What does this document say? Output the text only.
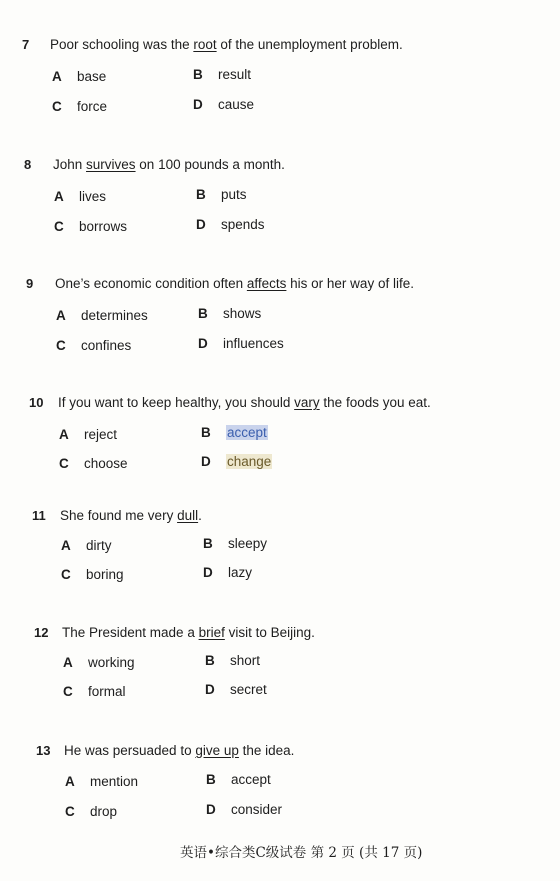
7 Poor schooling was the root of the unemployment problem.
A base	B result
C force	D cause
8 John survives on 100 pounds a month.
A lives	B puts
C borrows	D spends
9 One’s economic condition often affects his or her way of life.
A determines	B shows
C confines	D influences
10 If you want to keep healthy, you should vary the foods you eat.
A reject	B accept
C choose	D change
11 She found me very dull.
A dirty	B sleepy
C boring	D lazy
12 The President made a brief visit to Beijing.
A working	B short
C formal	D secret
13 He was persuaded to give up the idea.
A mention	B accept
C drop	D consider
英语•综合类C级试卷 第 2 页 (共 17 页)
